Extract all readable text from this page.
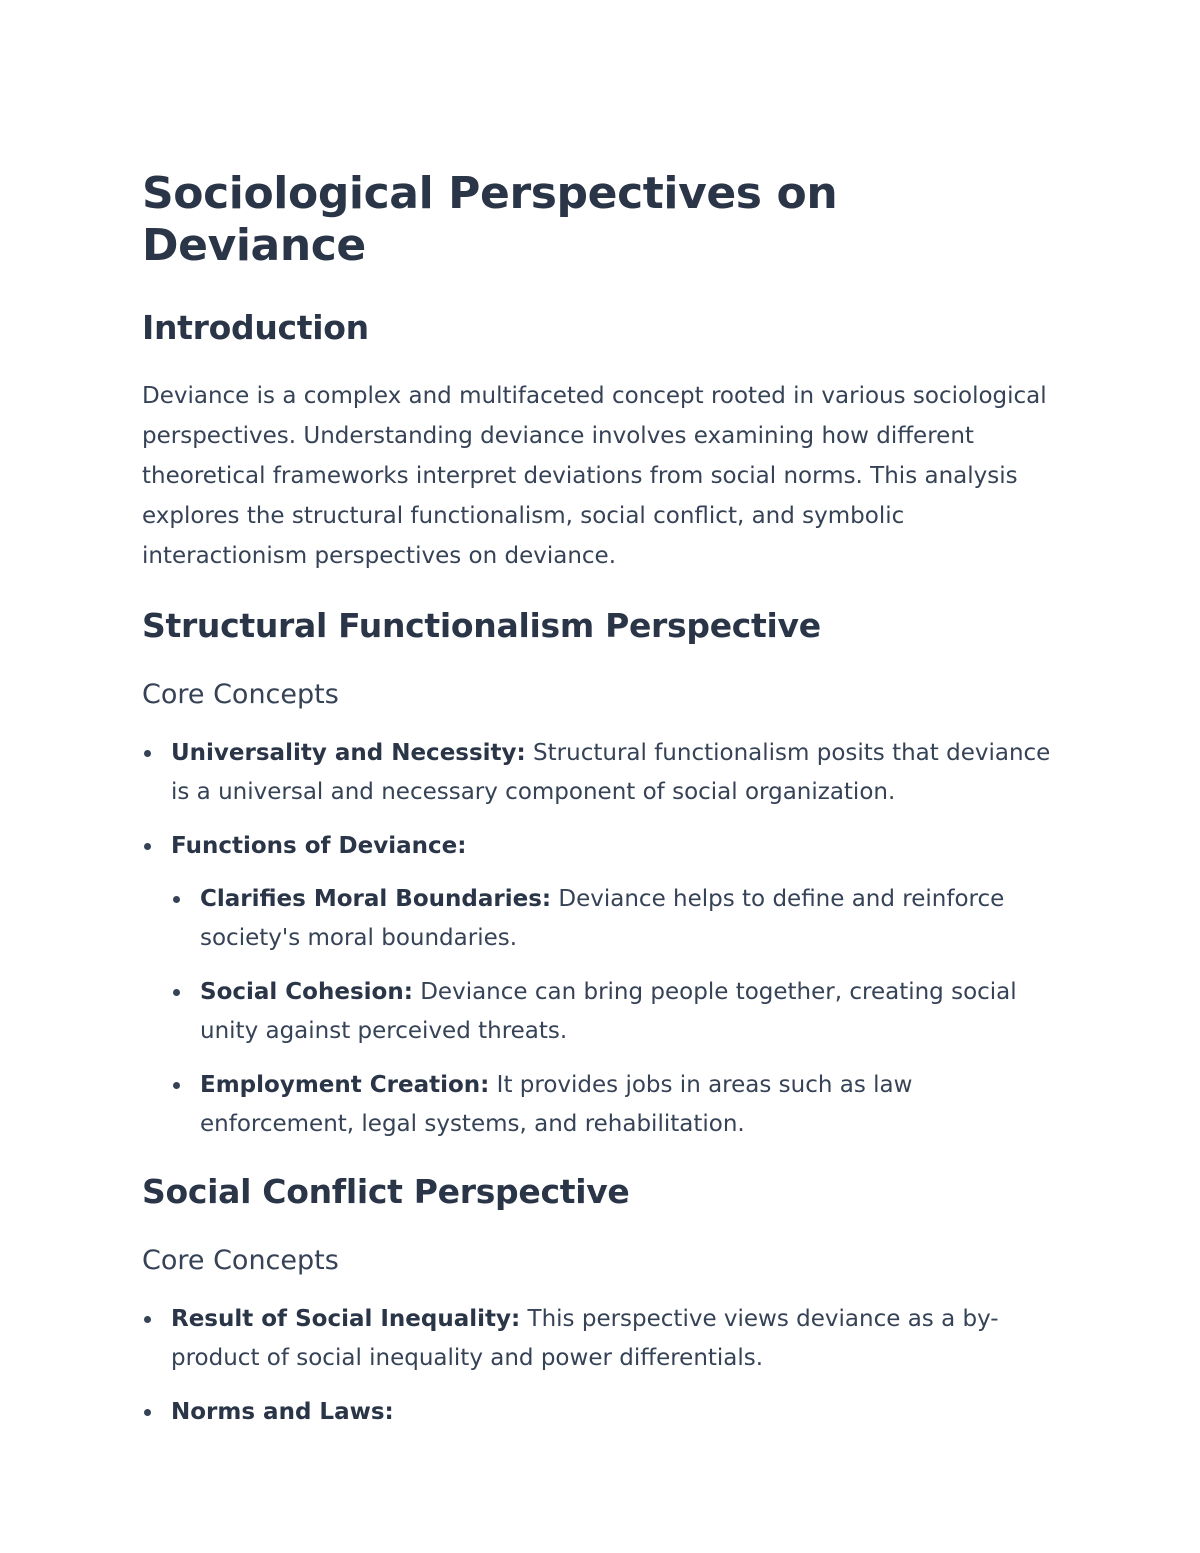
Sociological Perspectives on Deviance
Introduction

Deviance is a complex and multifaceted concept rooted in various sociological perspectives. Understanding deviance involves examining how different theoretical frameworks interpret deviations from social norms. This analysis explores the structural functionalism, social conflict, and symbolic interactionism perspectives on deviance.

Structural Functionalism Perspective
Core Concepts
Universality and Necessity: Structural functionalism posits that deviance is a universal and necessary component of social organization.
Functions of Deviance:
Clarifies Moral Boundaries: Deviance helps to define and reinforce society's moral boundaries.
Social Cohesion: Deviance can bring people together, creating social unity against perceived threats.
Employment Creation: It provides jobs in areas such as law enforcement, legal systems, and rehabilitation.
Social Conflict Perspective
Core Concepts
Result of Social Inequality: This perspective views deviance as a by-product of social inequality and power differentials.
Norms and Laws:
